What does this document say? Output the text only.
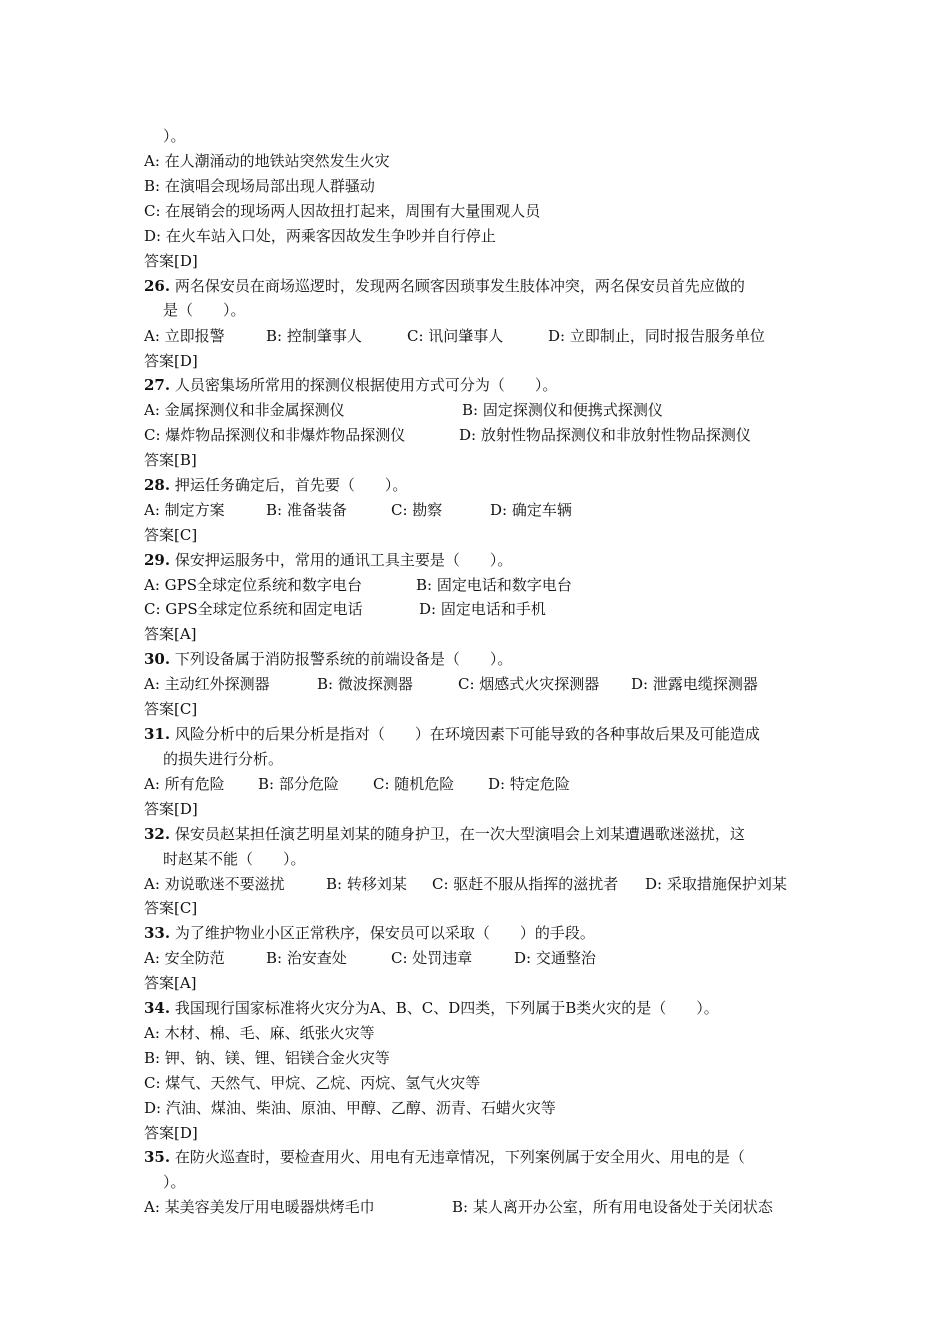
）。
A: 在人潮涌动的地铁站突然发生火灾
B: 在演唱会现场局部出现人群骚动
C: 在展销会的现场两人因故扭打起来，周围有大量围观人员
D: 在火车站入口处，两乘客因故发生争吵并自行停止
答案[D]
26. 两名保安员在商场巡逻时，发现两名顾客因琐事发生肢体冲突，两名保安员首先应做的
是（　　）。
A: 立即报警	B: 控制肇事人	C: 讯问肇事人	D: 立即制止，同时报告服务单位
答案[D]
27. 人员密集场所常用的探测仪根据使用方式可分为（　　）。
A: 金属探测仪和非金属探测仪	B: 固定探测仪和便携式探测仪
C: 爆炸物品探测仪和非爆炸物品探测仪	D: 放射性物品探测仪和非放射性物品探测仪
答案[B]
28. 押运任务确定后，首先要（　　）。
A: 制定方案	B: 准备装备	C: 勘察	D: 确定车辆
答案[C]
29. 保安押运服务中，常用的通讯工具主要是（　　）。
A: GPS全球定位系统和数字电台	B: 固定电话和数字电台
C: GPS全球定位系统和固定电话	D: 固定电话和手机
答案[A]
30. 下列设备属于消防报警系统的前端设备是（　　）。
A: 主动红外探测器	B: 微波探测器	C: 烟感式火灾探测器 D: 泄露电缆探测器
答案[C]
31. 风险分析中的后果分析是指对（　　）在环境因素下可能导致的各种事故后果及可能造成
的损失进行分析。
A: 所有危险 B: 部分危险 C: 随机危险 D: 特定危险
答案[D]
32. 保安员赵某担任演艺明星刘某的随身护卫，在一次大型演唱会上刘某遭遇歌迷滋扰，这
时赵某不能（　　）。
A: 劝说歌迷不要滋扰	B: 转移刘某 C: 驱赶不服从指挥的滋扰者 D: 采取措施保护刘某
答案[C]
33. 为了维护物业小区正常秩序，保安员可以采取（　　）的手段。
A: 安全防范	B: 治安查处	C: 处罚违章	D: 交通整治
答案[A]
34. 我国现行国家标准将火灾分为A、B、C、D四类，下列属于B类火灾的是（　　）。
A: 木材、棉、毛、麻、纸张火灾等
B: 钾、钠、镁、锂、铝镁合金火灾等
C: 煤气、天然气、甲烷、乙烷、丙烷、氢气火灾等
D: 汽油、煤油、柴油、原油、甲醇、乙醇、沥青、石蜡火灾等
答案[D]
35. 在防火巡查时，要检查用火、用电有无违章情况，下列案例属于安全用火、用电的是（
）。
A: 某美容美发厅用电暖器烘烤毛巾	B: 某人离开办公室，所有用电设备处于关闭状态
